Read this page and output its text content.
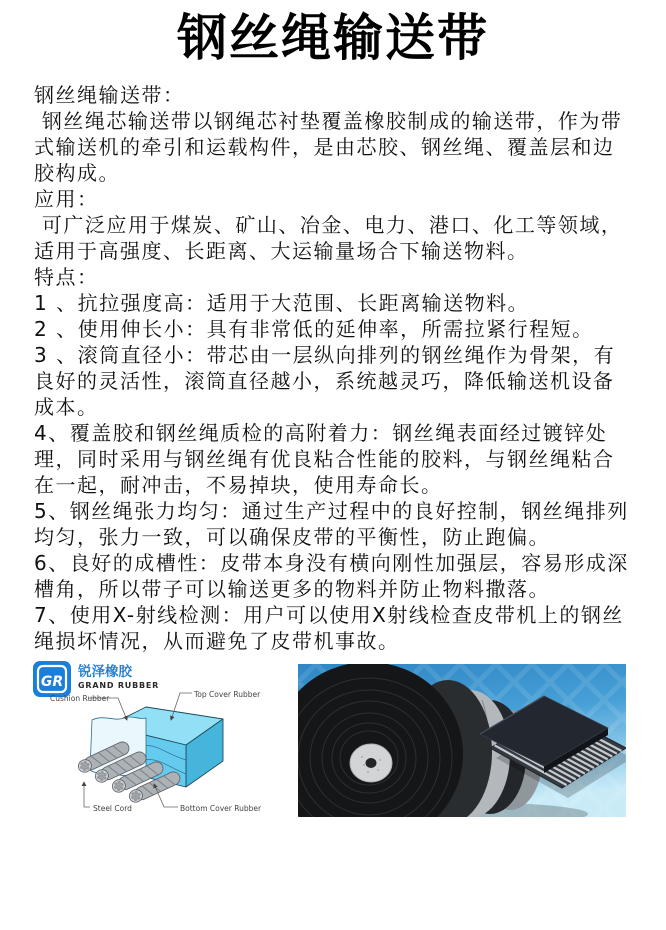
钢丝绳输送带

钢丝绳输送带：

钢丝绳芯输送带以钢绳芯衬垫覆盖橡胶制成的输送带，作为带式输送机的牵引和运载构件，是由芯胶、钢丝绳、覆盖层和边胶构成。

应用：

可广泛应用于煤炭、矿山、冶金、电力、港口、化工等领域，适用于高强度、长距离、大运输量场合下输送物料。

特点：

1 、抗拉强度高：适用于大范围、长距离输送物料。

2 、使用伸长小：具有非常低的延伸率，所需拉紧行程短。

3 、滚筒直径小：带芯由一层纵向排列的钢丝绳作为骨架，有良好的灵活性，滚筒直径越小，系统越灵巧，降低输送机设备成本。

4、覆盖胶和钢丝绳质检的高附着力：钢丝绳表面经过镀锌处理，同时采用与钢丝绳有优良粘合性能的胶料，与钢丝绳粘合在一起，耐冲击，不易掉块，使用寿命长。

5、钢丝绳张力均匀：通过生产过程中的良好控制，钢丝绳排列均匀，张力一致，可以确保皮带的平衡性，防止跑偏。

6、良好的成槽性：皮带本身没有横向刚性加强层，容易形成深槽角，所以带子可以输送更多的物料并防止物料撒落。

7、使用X-射线检测：用户可以使用X射线检查皮带机上的钢丝绳损坏情况，从而避免了皮带机事故。

GR
锐泽橡胶
GRAND RUBBER
Cushion Rubber	Top Cover Rubber
Steel Cord	Bottom Cover Rubber
